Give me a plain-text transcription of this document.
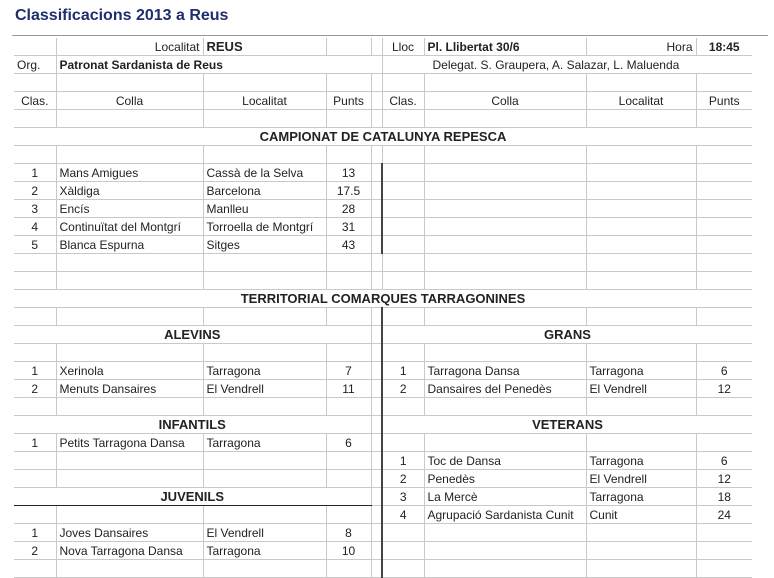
Classificacions 2013 a Reus
	Localitat	REUS			Lloc	Pl. Llibertat 30/6	Hora	18:45
Org.	Patronat Sardanista de Reus				Delegat. S. Graupera, A. Salazar, L. Maluenda			

Clas.	Colla	Localitat	Punts		Clas.	Colla	Localitat	Punts

CAMPIONAT DE CATALUNYA REPESCA								

1	Mans Amigues	Cassà de la Selva	13					
2	Xàldiga	Barcelona	17.5					
3	Encís	Manlleu	28					
4	Continuïtat del Montgrí	Torroella de Montgrí	31					
5	Blanca Espurna	Sitges	43					

TERRITORIAL COMARQUES TARRAGONINES								

ALEVINS					GRANS			

1	Xerinola	Tarragona	7		1	Tarragona Dansa	Tarragona	6
2	Menuts Dansaires	El Vendrell	11		2	Dansaires del Penedès	El Vendrell	12

INFANTILS					VETERANS			
1	Petits Tarragona Dansa	Tarragona	6					
					1	Toc de Dansa	Tarragona	6
					2	Penedès	El Vendrell	12
JUVENILS					3	La Mercè	Tarragona	18
					4	Agrupació Sardanista Cunit	Cunit	24
1	Joves Dansaires	El Vendrell	8					
2	Nova Tarragona Dansa	Tarragona	10					
